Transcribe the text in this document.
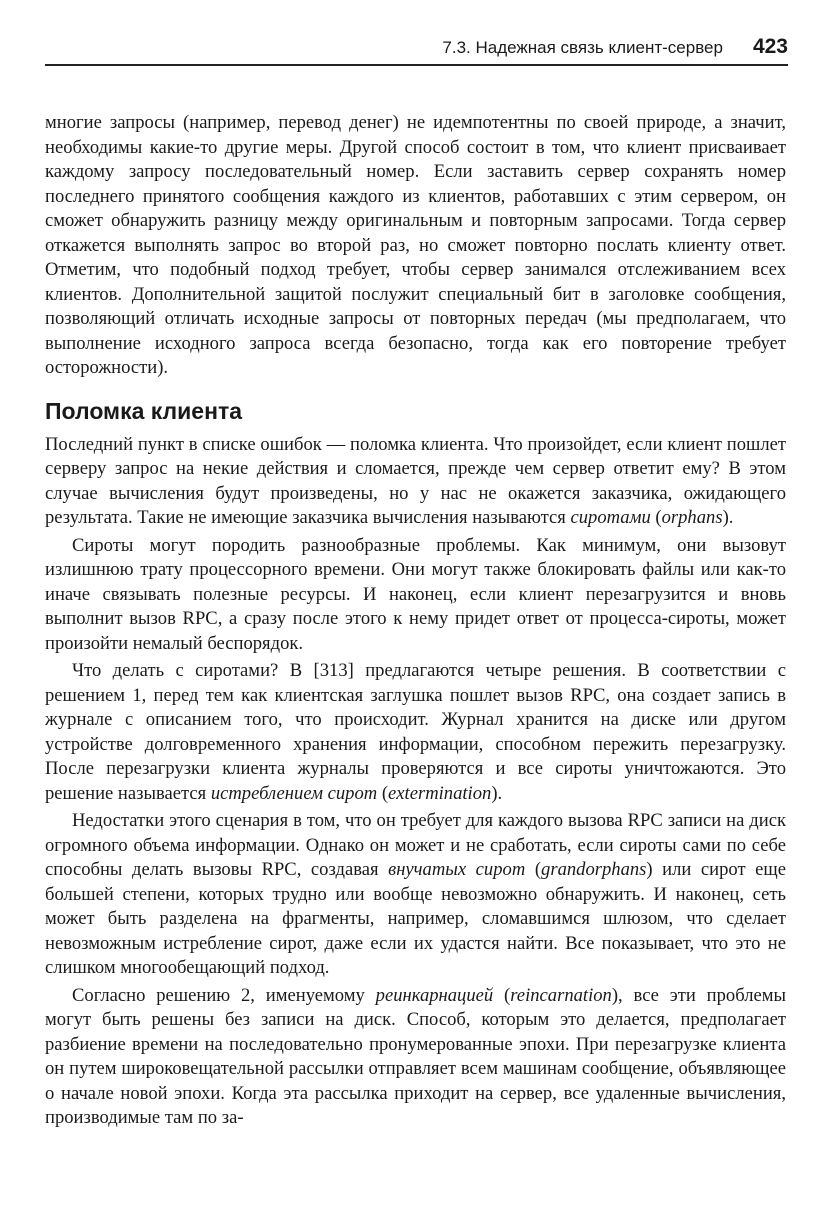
7.3. Надежная связь клиент-сервер 423

многие запросы (например, перевод денег) не идемпотентны по своей природе, а значит, необходимы какие-то другие меры. Другой способ состоит в том, что клиент присваивает каждому запросу последовательный номер. Если заставить сервер сохранять номер последнего принятого сообщения каждого из клиентов, работавших с этим сервером, он сможет обнаружить разницу между оригинальным и повторным запросами. Тогда сервер откажется выполнять запрос во второй раз, но сможет повторно послать клиенту ответ. Отметим, что подобный подход требует, чтобы сервер занимался отслеживанием всех клиентов. Дополнительной защитой послужит специальный бит в заголовке сообщения, позволяющий отличать исходные запросы от повторных передач (мы предполагаем, что выполнение исходного запроса всегда безопасно, тогда как его повторение требует осторожности).

Поломка клиента

Последний пункт в списке ошибок — поломка клиента. Что произойдет, если клиент пошлет серверу запрос на некие действия и сломается, прежде чем сервер ответит ему? В этом случае вычисления будут произведены, но у нас не окажется заказчика, ожидающего результата. Такие не имеющие заказчика вычисления называются сиротами (orphans).

Сироты могут породить разнообразные проблемы. Как минимум, они вызовут излишнюю трату процессорного времени. Они могут также блокировать файлы или как-то иначе связывать полезные ресурсы. И наконец, если клиент перезагрузится и вновь выполнит вызов RPC, а сразу после этого к нему придет ответ от процесса-сироты, может произойти немалый беспорядок.

Что делать с сиротами? В [313] предлагаются четыре решения. В соответствии с решением 1, перед тем как клиентская заглушка пошлет вызов RPC, она создает запись в журнале с описанием того, что происходит. Журнал хранится на диске или другом устройстве долговременного хранения информации, способном пережить перезагрузку. После перезагрузки клиента журналы проверяются и все сироты уничтожаются. Это решение называется истреблением сирот (extermination).

Недостатки этого сценария в том, что он требует для каждого вызова RPC записи на диск огромного объема информации. Однако он может и не сработать, если сироты сами по себе способны делать вызовы RPC, создавая внучатых сирот (grandorphans) или сирот еще большей степени, которых трудно или вообще невозможно обнаружить. И наконец, сеть может быть разделена на фрагменты, например, сломавшимся шлюзом, что сделает невозможным истребление сирот, даже если их удастся найти. Все показывает, что это не слишком многообещающий подход.

Согласно решению 2, именуемому реинкарнацией (reincarnation), все эти проблемы могут быть решены без записи на диск. Способ, которым это делается, предполагает разбиение времени на последовательно пронумерованные эпохи. При перезагрузке клиента он путем широковещательной рассылки отправляет всем машинам сообщение, объявляющее о начале новой эпохи. Когда эта рассылка приходит на сервер, все удаленные вычисления, производимые там по за-
